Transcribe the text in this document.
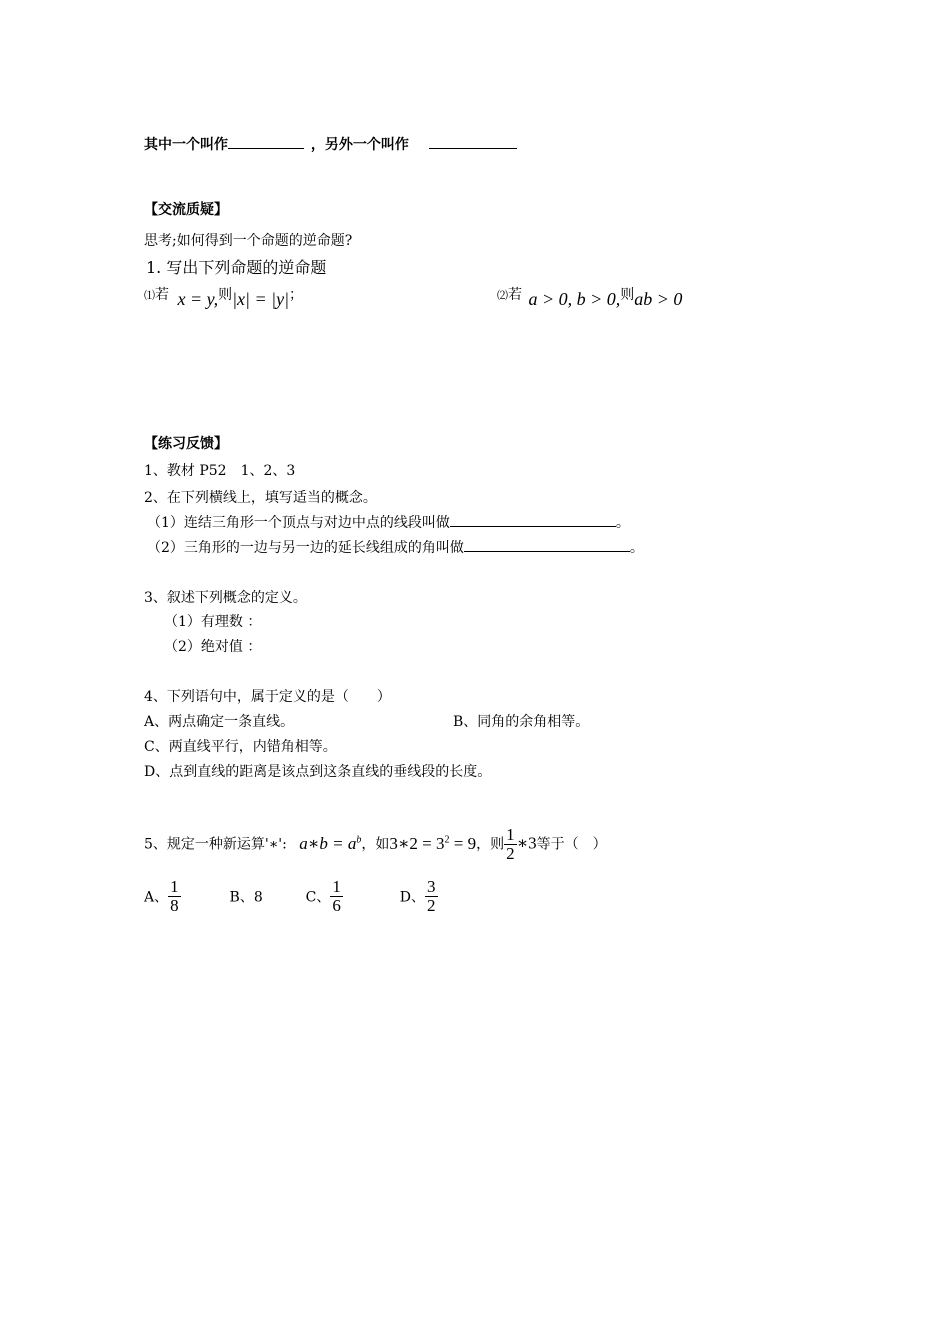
其中一个叫作	，另外一个叫作
【交流质疑】
思考;如何得到一个命题的逆命题?
1. 写出下列命题的逆命题
⑴若 x = y,则|x| = |y|；	⑵若 a > 0, b > 0,则ab > 0
【练习反馈】
1、教材 P52　1、2、3
2、在下列横线上，填写适当的概念。
（1）连结三角形一个顶点与对边中点的线段叫做	。
（2）三角形的一边与另一边的延长线组成的角叫做	。
3、叙述下列概念的定义。
（1）有理数 ：
（2）绝对值 ：
4、下列语句中，属于定义的是（　　）
A、两点确定一条直线。	B、同角的余角相等。
C、两直线平行，内错角相等。
D、点到直线的距离是该点到这条直线的垂线段的长度。
5、规定一种新运算'∗': a∗b = $a^b$，如3∗2 = $3^2 = 9$，则 $\frac{1}{2}$ ∗3等于（　）
A、 $\frac{1}{8}$	B、8	C、 $\frac{1}{6}$	D、 $\frac{3}{2}$
